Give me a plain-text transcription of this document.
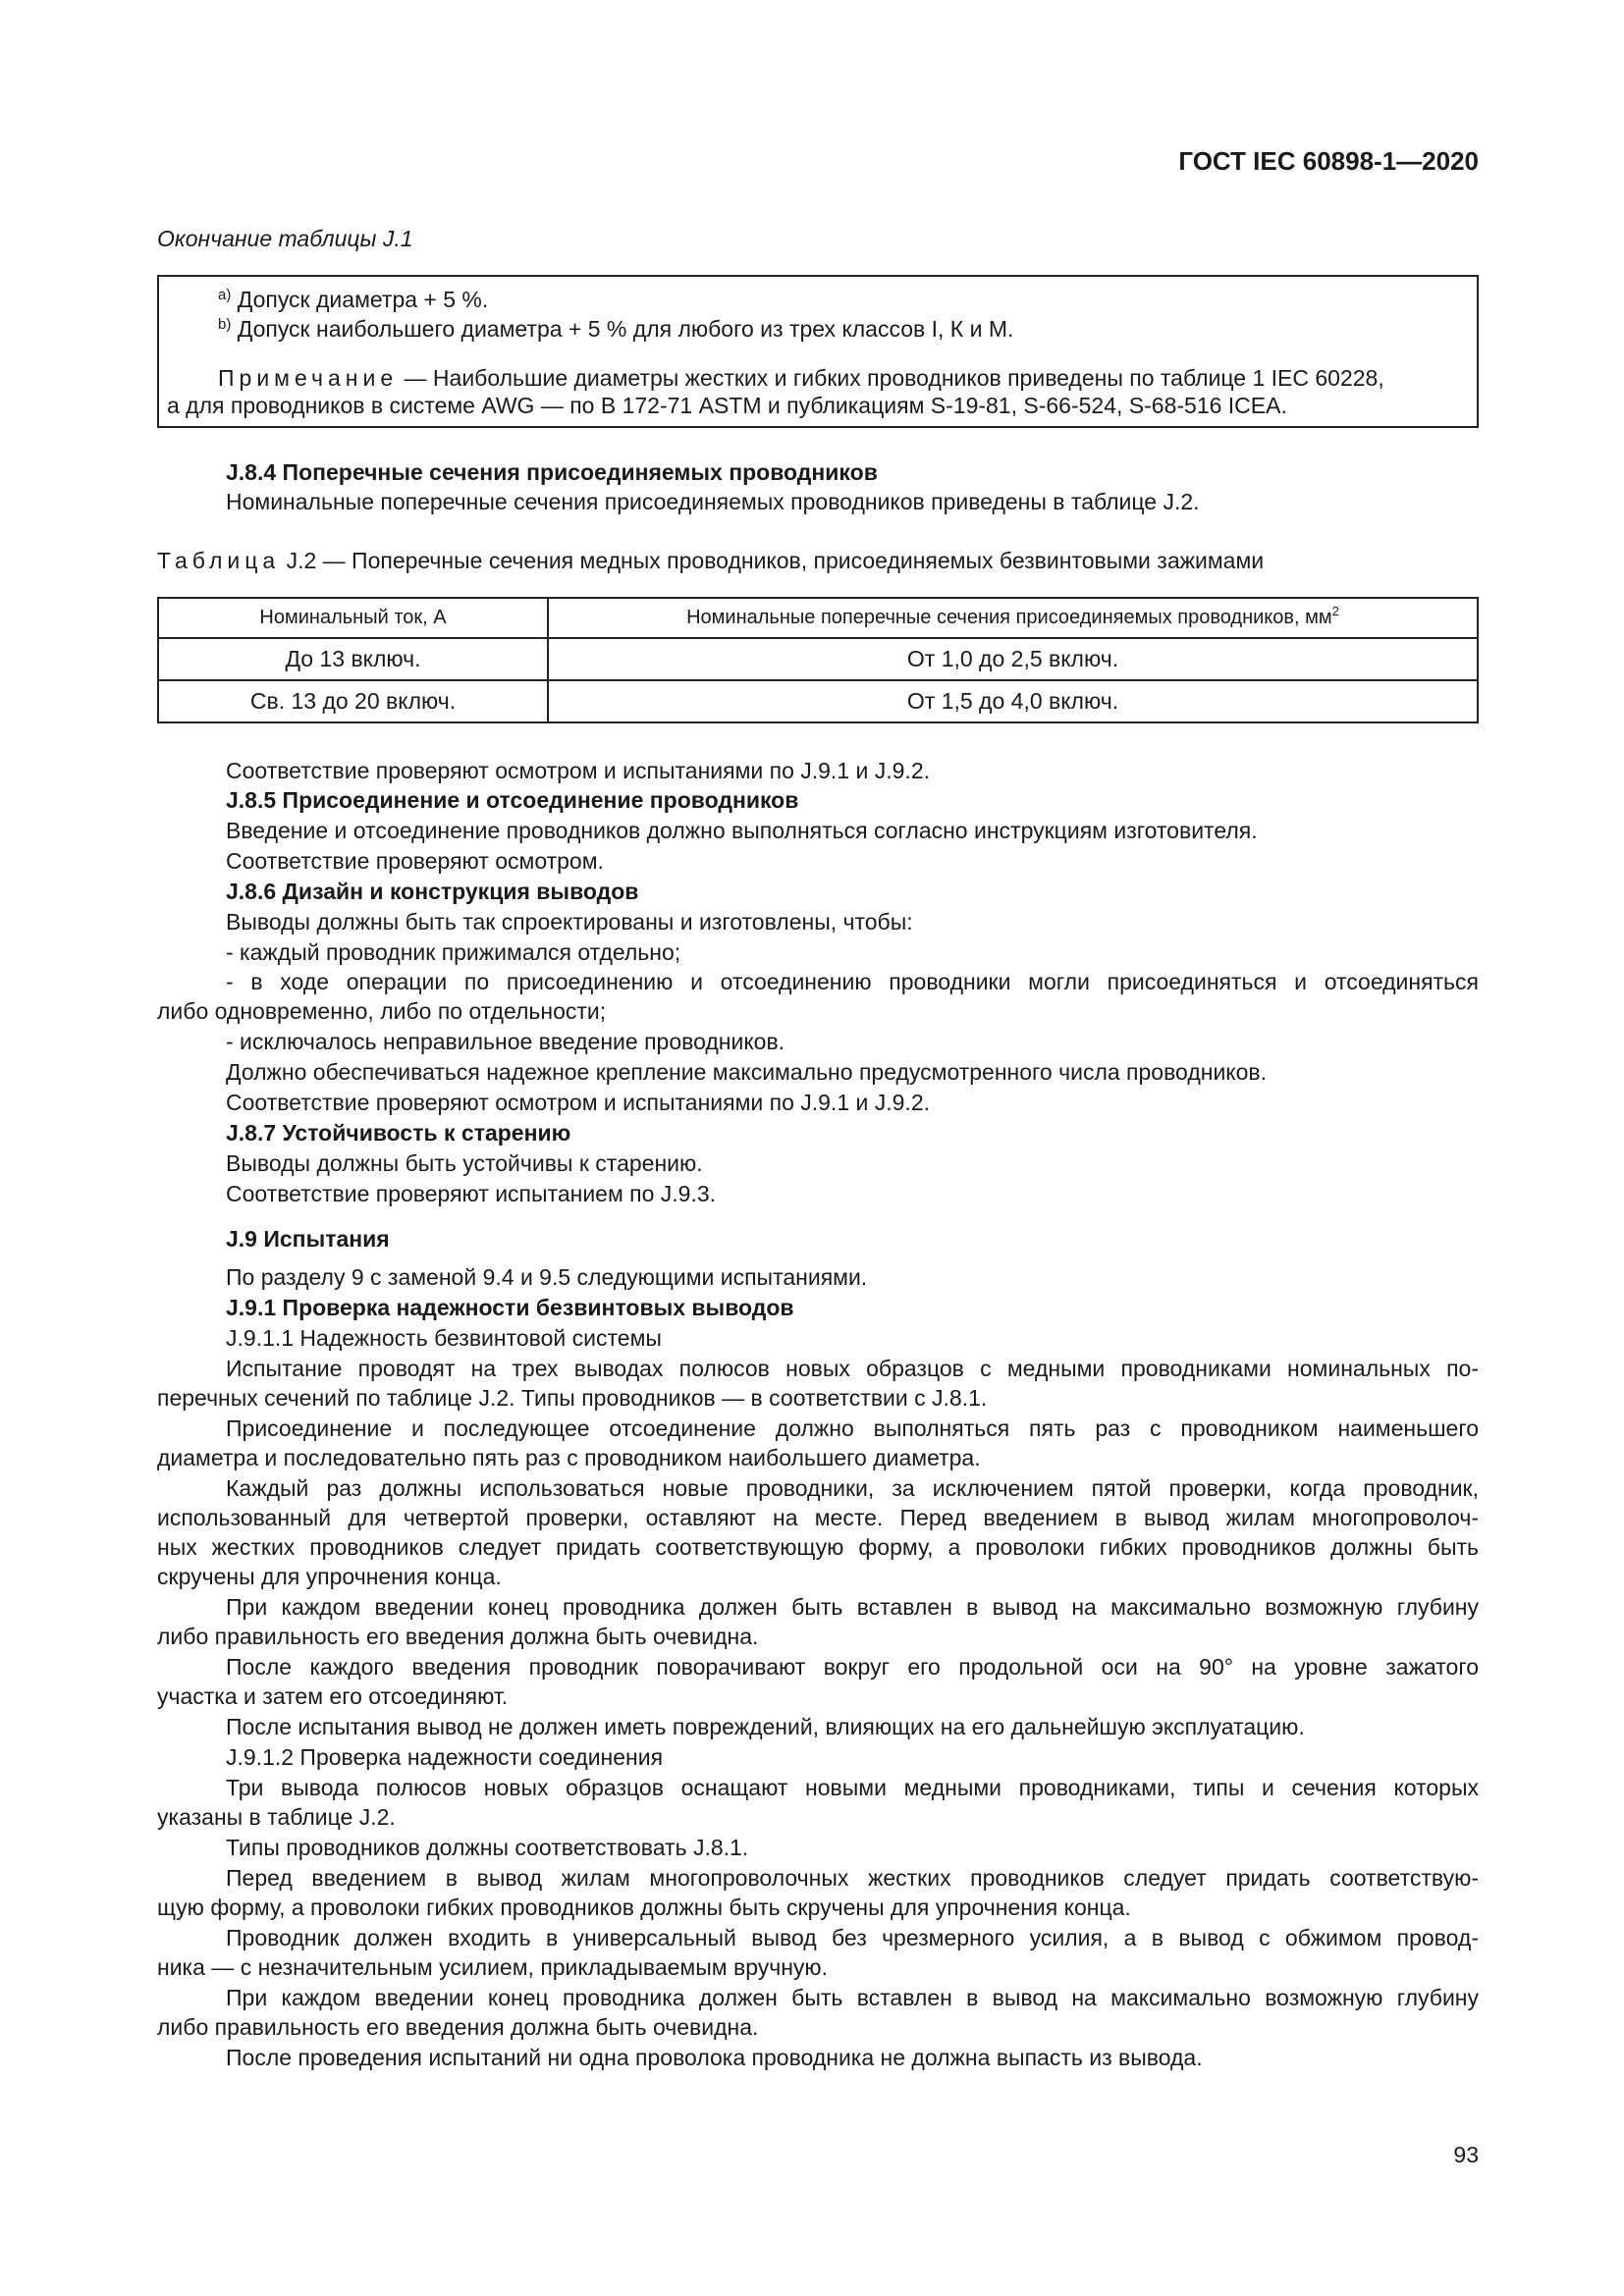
ГОСТ IEC 60898-1—2020
Окончание таблицы J.1
$^{a)}$ Допуск диаметра + 5 %.
$^{b)}$ Допуск наибольшего диаметра + 5 % для любого из трех классов I, К и М.
Примечание — Наибольшие диаметры жестких и гибких проводников приведены по таблице 1 IEC 60228,
а для проводников в системе AWG — по В 172-71 ASTM и публикациям S-19-81, S-66-524, S-68-516 ICEA.
J.8.4 Поперечные сечения присоединяемых проводников
Номинальные поперечные сечения присоединяемых проводников приведены в таблице J.2.
Таблица J.2 — Поперечные сечения медных проводников, присоединяемых безвинтовыми зажимами
Номинальный ток, А	Номинальные поперечные сечения присоединяемых проводников, $мм^2$
До 13 включ.	От 1,0 до 2,5 включ.
Св. 13 до 20 включ.	От 1,5 до 4,0 включ.
Соответствие проверяют осмотром и испытаниями по J.9.1 и J.9.2.
J.8.5 Присоединение и отсоединение проводников
Введение и отсоединение проводников должно выполняться согласно инструкциям изготовителя.
Соответствие проверяют осмотром.
J.8.6 Дизайн и конструкция выводов
Выводы должны быть так спроектированы и изготовлены, чтобы:
- каждый проводник прижимался отдельно;
- в ходе операции по присоединению и отсоединению проводники могли присоединяться и отсоединяться
либо одновременно, либо по отдельности;
- исключалось неправильное введение проводников.
Должно обеспечиваться надежное крепление максимально предусмотренного числа проводников.
Соответствие проверяют осмотром и испытаниями по J.9.1 и J.9.2.
J.8.7 Устойчивость к старению
Выводы должны быть устойчивы к старению.
Соответствие проверяют испытанием по J.9.3.
J.9 Испытания
По разделу 9 с заменой 9.4 и 9.5 следующими испытаниями.
J.9.1 Проверка надежности безвинтовых выводов
J.9.1.1 Надежность безвинтовой системы
Испытание проводят на трех выводах полюсов новых образцов с медными проводниками номинальных по-
перечных сечений по таблице J.2. Типы проводников — в соответствии с J.8.1.
Присоединение и последующее отсоединение должно выполняться пять раз с проводником наименьшего
диаметра и последовательно пять раз с проводником наибольшего диаметра.
Каждый раз должны использоваться новые проводники, за исключением пятой проверки, когда проводник,
использованный для четвертой проверки, оставляют на месте. Перед введением в вывод жилам многопроволоч-
ных жестких проводников следует придать соответствующую форму, а проволоки гибких проводников должны быть
скручены для упрочнения конца.
При каждом введении конец проводника должен быть вставлен в вывод на максимально возможную глубину
либо правильность его введения должна быть очевидна.
После каждого введения проводник поворачивают вокруг его продольной оси на 90° на уровне зажатого
участка и затем его отсоединяют.
После испытания вывод не должен иметь повреждений, влияющих на его дальнейшую эксплуатацию.
J.9.1.2 Проверка надежности соединения
Три вывода полюсов новых образцов оснащают новыми медными проводниками, типы и сечения которых
указаны в таблице J.2.
Типы проводников должны соответствовать J.8.1.
Перед введением в вывод жилам многопроволочных жестких проводников следует придать соответствую-
щую форму, а проволоки гибких проводников должны быть скручены для упрочнения конца.
Проводник должен входить в универсальный вывод без чрезмерного усилия, а в вывод с обжимом провод-
ника — с незначительным усилием, прикладываемым вручную.
При каждом введении конец проводника должен быть вставлен в вывод на максимально возможную глубину
либо правильность его введения должна быть очевидна.
После проведения испытаний ни одна проволока проводника не должна выпасть из вывода.
93
